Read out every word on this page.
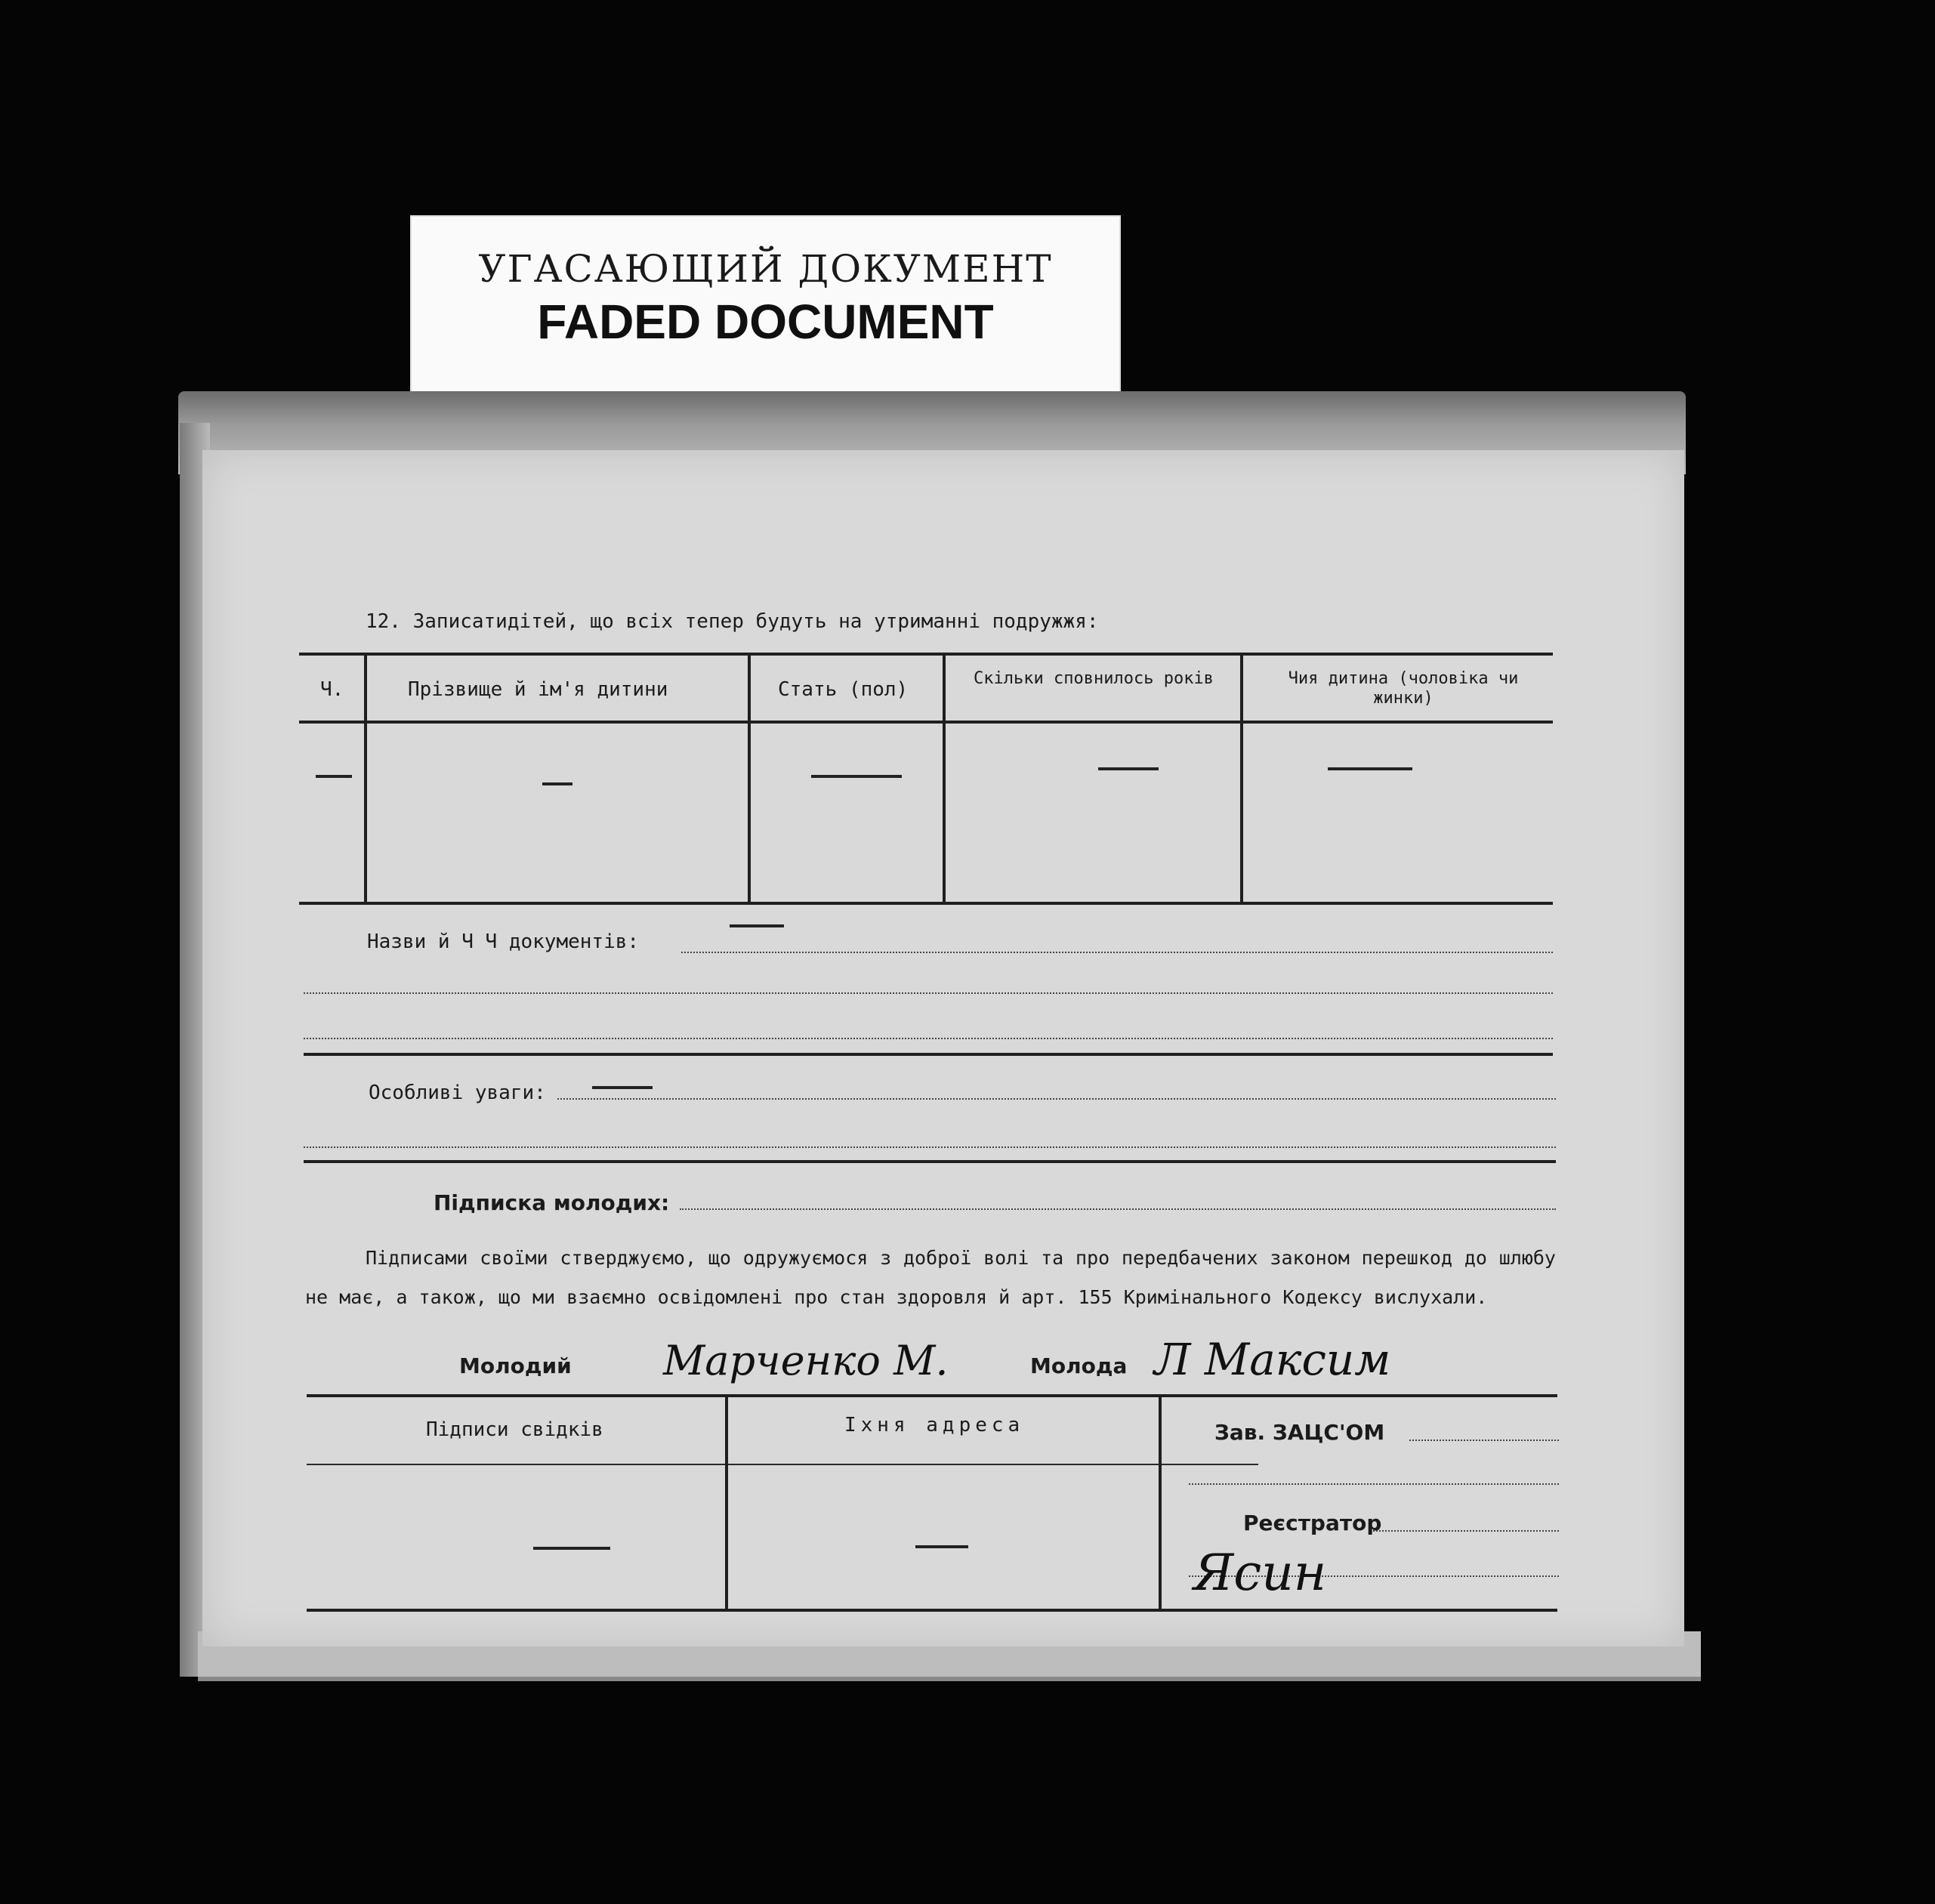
УГАСАЮЩИЙ ДОКУМЕНТ
FADED DOCUMENT
12. Записатидітей, що всіх тепер будуть на утриманні подружжя:
Ч.	Прізвище й ім'я дитини	Стать (пол)	Скільки сповнилось років	Чия дитина (чоловіка чи жинки)
Назви й Ч Ч документів:
Особливі уваги:
Підписка молодих:
Підписами своїми стверджуємо, що одружуємося з доброї волі та про передбачених законом перешкод до шлюбу не має, а також, що ми взаємно освідомлені про стан здоровля й арт. 155 Кримінального Кодексу вислухали.
Молодий Марченко М.	Молода Л Максим
Підписи свідків	Іхня адреса	Зав. ЗАЦС'ОМ
Реєстратор
Ясин
